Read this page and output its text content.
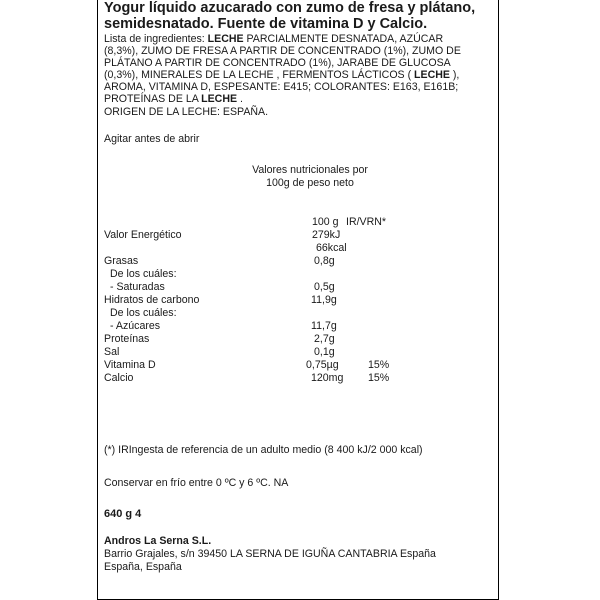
Yogur líquido azucarado con zumo de fresa y plátano,
semidesnatado. Fuente de vitamina D y Calcio.
Lista de ingredientes: LECHE PARCIALMENTE DESNATADA, AZÚCAR
(8,3%), ZUMO DE FRESA A PARTIR DE CONCENTRADO (1%), ZUMO DE
PLÁTANO A PARTIR DE CONCENTRADO (1%), JARABE DE GLUCOSA
(0,3%), MINERALES DE LA LECHE , FERMENTOS LÁCTICOS ( LECHE ),
AROMA, VITAMINA D, ESPESANTE: E415; COLORANTES: E163, E161B;
PROTEÍNAS DE LA LECHE .
ORIGEN DE LA LECHE: ESPAÑA.
Agitar antes de abrir
Valores nutricionales por
100g de peso neto
100 g IR/VRN*
Valor Energético	279kJ
66kcal
Grasas	0,8g
De los cuáles:
- Saturadas	0,5g
Hidratos de carbono	11,9g
De los cuáles:
- Azúcares	11,7g
Proteínas	2,7g
Sal	0,1g
Vitamina D	0,75µg	15%
Calcio	120mg 15%
(*) IRIngesta de referencia de un adulto medio (8 400 kJ/2 000 kcal)
Conservar en frío entre 0 ºC y 6 ºC. NA
640 g 4
Andros La Serna S.L.
Barrio Grajales, s/n 39450 LA SERNA DE IGUÑA CANTABRIA España
España, España
